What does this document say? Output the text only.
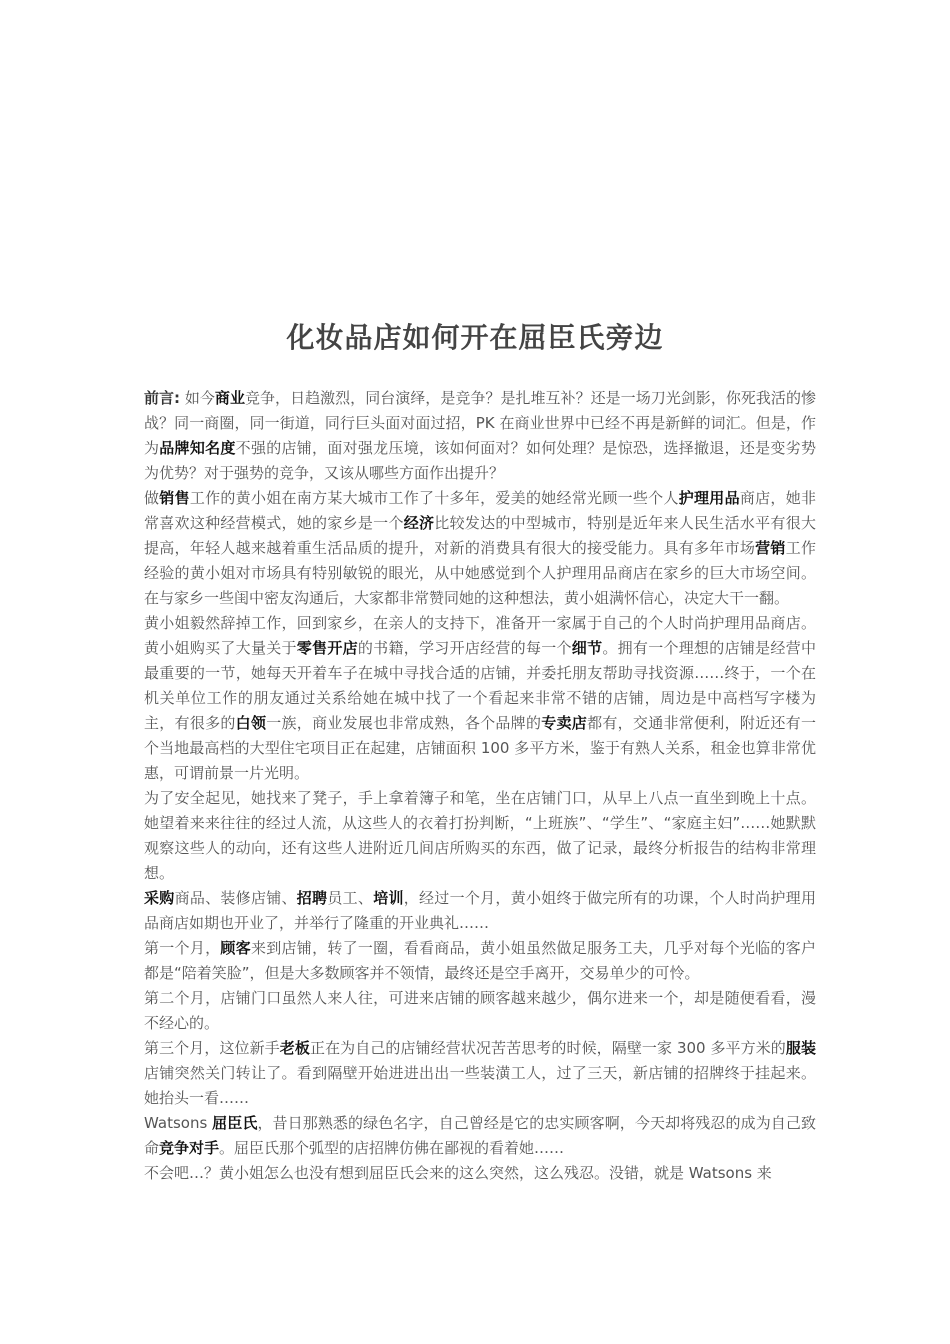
化妆品店如何开在屈臣氏旁边

前言: 如今商业竞争，日趋激烈，同台演绎，是竞争？是扎堆互补？还是一场刀光剑影，你死我活的惨战？同一商圈，同一街道，同行巨头面对面过招，PK 在商业世界中已经不再是新鲜的词汇。但是，作为品牌知名度不强的店铺，面对强龙压境，该如何面对？如何处理？是惊恐，选择撤退，还是变劣势为优势？对于强势的竞争，又该从哪些方面作出提升？

做销售工作的黄小姐在南方某大城市工作了十多年，爱美的她经常光顾一些个人护理用品商店，她非常喜欢这种经营模式，她的家乡是一个经济比较发达的中型城市，特别是近年来人民生活水平有很大提高，年轻人越来越着重生活品质的提升，对新的消费具有很大的接受能力。具有多年市场营销工作经验的黄小姐对市场具有特别敏锐的眼光，从中她感觉到个人护理用品商店在家乡的巨大市场空间。在与家乡一些闺中密友沟通后，大家都非常赞同她的这种想法，黄小姐满怀信心，决定大干一翻。

黄小姐毅然辞掉工作，回到家乡，在亲人的支持下，准备开一家属于自己的个人时尚护理用品商店。黄小姐购买了大量关于零售开店的书籍，学习开店经营的每一个细节。拥有一个理想的店铺是经营中最重要的一节，她每天开着车子在城中寻找合适的店铺，并委托朋友帮助寻找资源……终于，一个在机关单位工作的朋友通过关系给她在城中找了一个看起来非常不错的店铺，周边是中高档写字楼为主，有很多的白领一族，商业发展也非常成熟，各个品牌的专卖店都有，交通非常便利，附近还有一个当地最高档的大型住宅项目正在起建，店铺面积 100 多平方米，鉴于有熟人关系，租金也算非常优惠，可谓前景一片光明。

为了安全起见，她找来了凳子，手上拿着簿子和笔，坐在店铺门口，从早上八点一直坐到晚上十点。她望着来来往往的经过人流，从这些人的衣着打扮判断，“上班族”、“学生”、“家庭主妇”……她默默观察这些人的动向，还有这些人进附近几间店所购买的东西，做了记录，最终分析报告的结构非常理想。

采购商品、装修店铺、招聘员工、培训，经过一个月，黄小姐终于做完所有的功课，个人时尚护理用品商店如期也开业了，并举行了隆重的开业典礼……

第一个月，顾客来到店铺，转了一圈，看看商品，黄小姐虽然做足服务工夫，几乎对每个光临的客户都是“陪着笑脸”，但是大多数顾客并不领情，最终还是空手离开，交易单少的可怜。

第二个月，店铺门口虽然人来人往，可进来店铺的顾客越来越少，偶尔进来一个，却是随便看看，漫不经心的。

第三个月，这位新手老板正在为自己的店铺经营状况苦苦思考的时候，隔壁一家 300 多平方米的服装店铺突然关门转让了。看到隔壁开始进进出出一些装潢工人，过了三天，新店铺的招牌终于挂起来。她抬头一看……

Watsons 屈臣氏，昔日那熟悉的绿色名字，自己曾经是它的忠实顾客啊，今天却将残忍的成为自己致命竞争对手。屈臣氏那个弧型的店招牌仿佛在鄙视的看着她……

不会吧…？黄小姐怎么也没有想到屈臣氏会来的这么突然，这么残忍。没错，就是 Watsons 来
